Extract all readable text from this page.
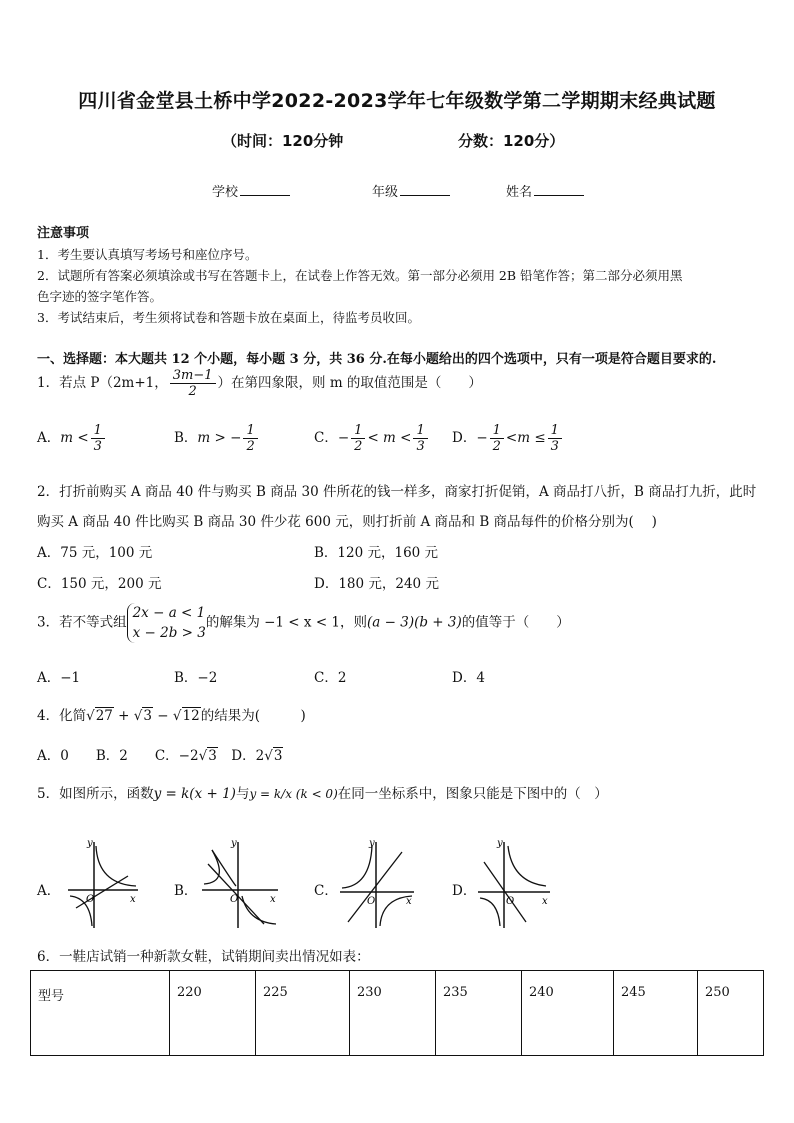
四川省金堂县土桥中学2022-2023学年七年级数学第二学期期末经典试题
（时间：120分钟	分数：120分）
学校	年级	姓名
注意事项
1．考生要认真填写考场号和座位序号。
2．试题所有答案必须填涂或书写在答题卡上，在试卷上作答无效。第一部分必须用 2B 铅笔作答；第二部分必须用黑
色字迹的签字笔作答。
3．考试结束后，考生须将试卷和答题卡放在桌面上，待监考员收回。
一、选择题：本大题共 12 个小题，每小题 3 分，共 36 分.在每小题给出的四个选项中，只有一项是符合题目要求的.
1．若点 P（2m+1， $\frac{3m-1}{2}$ ）在第四象限，则 m 的取值范围是（　　）
A．$m < \frac{1}{3}$	B．m > − $\frac{1}{2}$	C．− $\frac{1}{2} < m < \frac{1}{3}$ D．− $\frac{1}{2} <m \le \frac{1}{3}$
2．打折前购买 A 商品 40 件与购买 B 商品 30 件所花的钱一样多，商家打折促销，A 商品打八折，B 商品打九折，此时
购买 A 商品 40 件比购买 B 商品 30 件少花 600 元，则打折前 A 商品和 B 商品每件的价格分别为(　 )
A．75 元，100 元	B．120 元，160 元
C．150 元，200 元	D．180 元，240 元
3．若不等式组
2x − a < 1
x − 2b > 3
的解集为 −1 < x < 1，则(a − 3)(b + 3)的值等于（　　）
A．−1	B．−2	C．2	D．4
4．化简√27 + √3 − √12的结果为(　　　)
A．0　　B．2　　C．−2√3　 D．2√3
5．如图所示，函数y = k(x + 1)与y = k/x (k < 0)在同一坐标系中，图象只能是下图中的（　）
A．
y
x
O
B．
y
x
O
C．
y
x
O
D．
y
x
O
6．一鞋店试销一种新款女鞋，试销期间卖出情况如表：
型号	220	225	230	235	240	245	250
